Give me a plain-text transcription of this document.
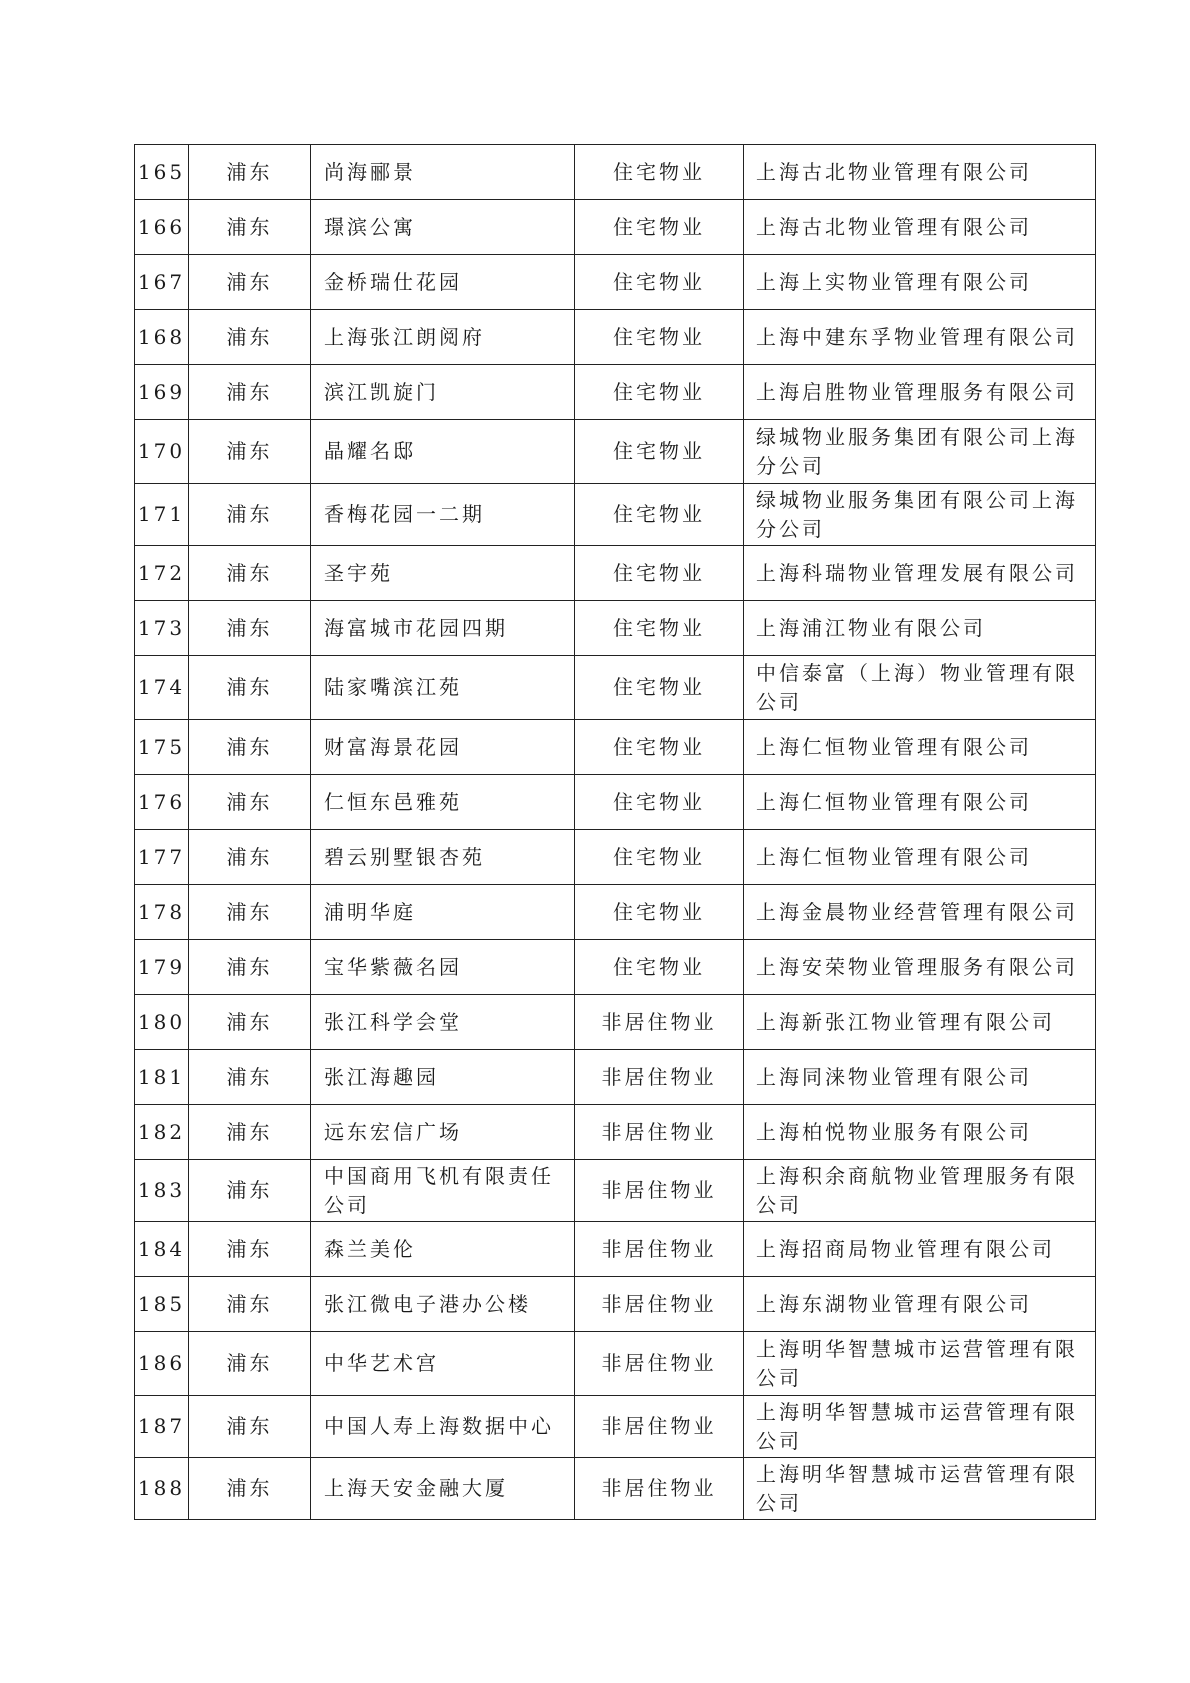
165	浦东	尚海郦景	住宅物业	上海古北物业管理有限公司
166	浦东	璟滨公寓	住宅物业	上海古北物业管理有限公司
167	浦东	金桥瑞仕花园	住宅物业	上海上实物业管理有限公司
168	浦东	上海张江朗阅府	住宅物业	上海中建东孚物业管理有限公司
169	浦东	滨江凯旋门	住宅物业	上海启胜物业管理服务有限公司
170	浦东	晶耀名邸	住宅物业	绿城物业服务集团有限公司上海分公司
171	浦东	香梅花园一二期	住宅物业	绿城物业服务集团有限公司上海分公司
172	浦东	圣宇苑	住宅物业	上海科瑞物业管理发展有限公司
173	浦东	海富城市花园四期	住宅物业	上海浦江物业有限公司
174	浦东	陆家嘴滨江苑	住宅物业	中信泰富（上海）物业管理有限公司
175	浦东	财富海景花园	住宅物业	上海仁恒物业管理有限公司
176	浦东	仁恒东邑雅苑	住宅物业	上海仁恒物业管理有限公司
177	浦东	碧云别墅银杏苑	住宅物业	上海仁恒物业管理有限公司
178	浦东	浦明华庭	住宅物业	上海金晨物业经营管理有限公司
179	浦东	宝华紫薇名园	住宅物业	上海安荣物业管理服务有限公司
180	浦东	张江科学会堂	非居住物业	上海新张江物业管理有限公司
181	浦东	张江海趣园	非居住物业	上海同涞物业管理有限公司
182	浦东	远东宏信广场	非居住物业	上海柏悦物业服务有限公司
183	浦东	中国商用飞机有限责任公司	非居住物业	上海积余商航物业管理服务有限公司
184	浦东	森兰美伦	非居住物业	上海招商局物业管理有限公司
185	浦东	张江微电子港办公楼	非居住物业	上海东湖物业管理有限公司
186	浦东	中华艺术宫	非居住物业	上海明华智慧城市运营管理有限公司
187	浦东	中国人寿上海数据中心	非居住物业	上海明华智慧城市运营管理有限公司
188	浦东	上海天安金融大厦	非居住物业	上海明华智慧城市运营管理有限公司
